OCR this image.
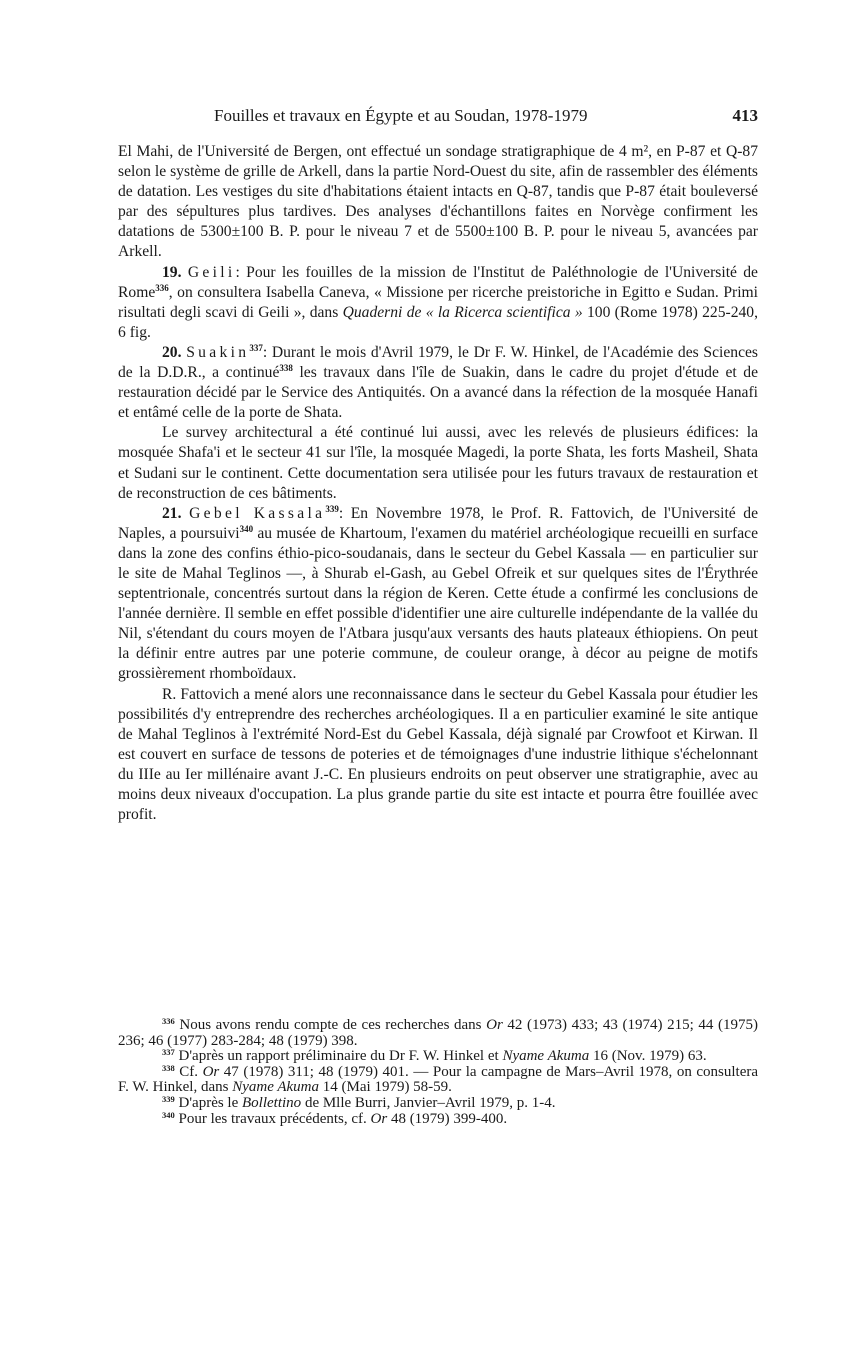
Fouilles et travaux en Égypte et au Soudan, 1978-1979	413

El Mahi, de l'Université de Bergen, ont effectué un sondage stratigraphique de 4 m², en P-87 et Q-87 selon le système de grille de Arkell, dans la partie Nord-Ouest du site, afin de rassembler des éléments de datation. Les vestiges du site d'habitations étaient intacts en Q-87, tandis que P-87 était bouleversé par des sépultures plus tardives. Des analyses d'échantillons faites en Norvège confirment les datations de 5300±100 B. P. pour le niveau 7 et de 5500±100 B. P. pour le niveau 5, avancées par Arkell.

19. Geili: Pour les fouilles de la mission de l'Institut de Paléthnologie de l'Université de Rome$^{336}$, on consultera Isabella Caneva, « Missione per ricerche preistoriche in Egitto e Sudan. Primi risultati degli scavi di Geili », dans Quaderni de « la Ricerca scientifica » 100 (Rome 1978) 225-240, 6 fig.

20. Suakin$^{337}$: Durant le mois d'Avril 1979, le Dr F. W. Hinkel, de l'Académie des Sciences de la D.D.R., a continué$^{338}$ les travaux dans l'île de Suakin, dans le cadre du projet d'étude et de restauration décidé par le Service des Antiquités. On a avancé dans la réfection de la mosquée Hanafi et entâmé celle de la porte de Shata.

Le survey architectural a été continué lui aussi, avec les relevés de plusieurs édifices: la mosquée Shafa'i et le secteur 41 sur l'île, la mosquée Magedi, la porte Shata, les forts Masheil, Shata et Sudani sur le continent. Cette documentation sera utilisée pour les futurs travaux de restauration et de reconstruction de ces bâtiments.

21. Gebel Kassala$^{339}$: En Novembre 1978, le Prof. R. Fattovich, de l'Université de Naples, a poursuivi$^{340}$ au musée de Khartoum, l'examen du matériel archéologique recueilli en surface dans la zone des confins éthio-pico-soudanais, dans le secteur du Gebel Kassala — en particulier sur le site de Mahal Teglinos —, à Shurab el-Gash, au Gebel Ofreik et sur quelques sites de l'Érythrée septentrionale, concentrés surtout dans la région de Keren. Cette étude a confirmé les conclusions de l'année dernière. Il semble en effet possible d'identifier une aire culturelle indépendante de la vallée du Nil, s'étendant du cours moyen de l'Atbara jusqu'aux versants des hauts plateaux éthiopiens. On peut la définir entre autres par une poterie commune, de couleur orange, à décor au peigne de motifs grossièrement rhomboïdaux.

R. Fattovich a mené alors une reconnaissance dans le secteur du Gebel Kassala pour étudier les possibilités d'y entreprendre des recherches archéologiques. Il a en particulier examiné le site antique de Mahal Teglinos à l'extrémité Nord-Est du Gebel Kassala, déjà signalé par Crowfoot et Kirwan. Il est couvert en surface de tessons de poteries et de témoignages d'une industrie lithique s'échelonnant du IIIe au Ier millénaire avant J.-C. En plusieurs endroits on peut observer une stratigraphie, avec au moins deux niveaux d'occupation. La plus grande partie du site est intacte et pourra être fouillée avec profit.

$^{336}$ Nous avons rendu compte de ces recherches dans Or 42 (1973) 433; 43 (1974) 215; 44 (1975) 236; 46 (1977) 283-284; 48 (1979) 398.

$^{337}$ D'après un rapport préliminaire du Dr F. W. Hinkel et Nyame Akuma 16 (Nov. 1979) 63.

$^{338}$ Cf. Or 47 (1978) 311; 48 (1979) 401. — Pour la campagne de Mars–Avril 1978, on consultera F. W. Hinkel, dans Nyame Akuma 14 (Mai 1979) 58-59.

$^{339}$ D'après le Bollettino de Mlle Burri, Janvier–Avril 1979, p. 1-4.

$^{340}$ Pour les travaux précédents, cf. Or 48 (1979) 399-400.
